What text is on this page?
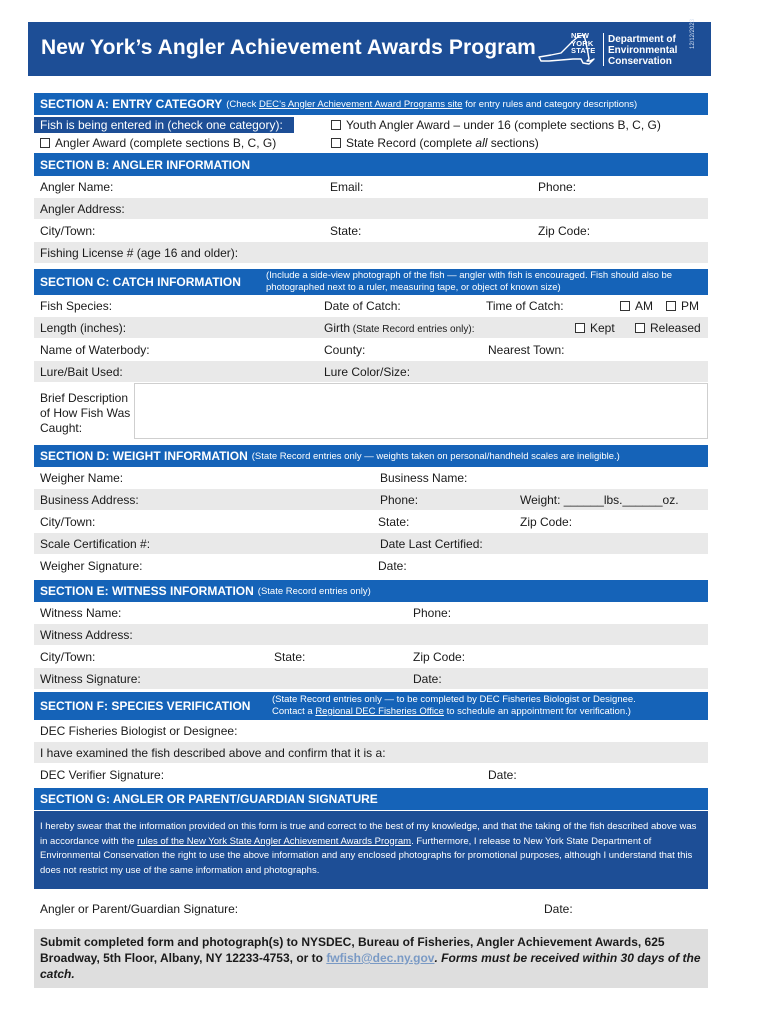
New York’s Angler Achievement Awards Program
NEW
YORK
STATE
Department of
Environmental
Conservation
12/12/2023
SECTION A: ENTRY CATEGORY (Check DEC’s Angler Achievement Award Programs site for entry rules and category descriptions)
Fish is being entered in (check one category):	Youth Angler Award – under 16 (complete sections B, C, G)
Angler Award (complete sections B, C, G)	State Record (complete all sections)
SECTION B: ANGLER INFORMATION
Angler Name:	Email:	Phone:
Angler Address:
City/Town:	State:	Zip Code:
Fishing License # (age 16 and older):
SECTION C: CATCH INFORMATION	(Include a side-view photograph of the fish — angler with fish is encouraged. Fish should also be photographed next to a ruler, measuring tape, or object of known size)
Fish Species:	Date of Catch:	Time of Catch:	AM	PM
Length (inches):	Girth (State Record entries only):	Kept	Released
Name of Waterbody:	County:	Nearest Town:
Lure/Bait Used:	Lure Color/Size:
Brief Description of How Fish Was Caught:
SECTION D: WEIGHT INFORMATION (State Record entries only — weights taken on personal/handheld scales are ineligible.)
Weigher Name:	Business Name:
Business Address:	Phone:	Weight: ______lbs.______oz.
City/Town:	State:	Zip Code:
Scale Certification #:	Date Last Certified:
Weigher Signature:	Date:
SECTION E: WITNESS INFORMATION (State Record entries only)
Witness Name:	Phone:
Witness Address:
City/Town:	State:	Zip Code:
Witness Signature:	Date:
SECTION F: SPECIES VERIFICATION (State Record entries only — to be completed by DEC Fisheries Biologist or Designee.
Contact a Regional DEC Fisheries Office to schedule an appointment for verification.)
DEC Fisheries Biologist or Designee:
I have examined the fish described above and confirm that it is a:
DEC Verifier Signature:	Date:
SECTION G: ANGLER OR PARENT/GUARDIAN SIGNATURE
I hereby swear that the information provided on this form is true and correct to the best of my knowledge, and that the taking of the fish described above was in accordance with the rules of the New York State Angler Achievement Awards Program. Furthermore, I release to New York State Department of Environmental Conservation the right to use the above information and any enclosed photographs for promotional purposes, although I understand that this does not restrict my use of the same information and photographs.
Angler or Parent/Guardian Signature:	Date:
Submit completed form and photograph(s) to NYSDEC, Bureau of Fisheries, Angler Achievement Awards, 625 Broadway, 5th Floor, Albany, NY 12233-4753, or to fwfish@dec.ny.gov. Forms must be received within 30 days of the catch.
